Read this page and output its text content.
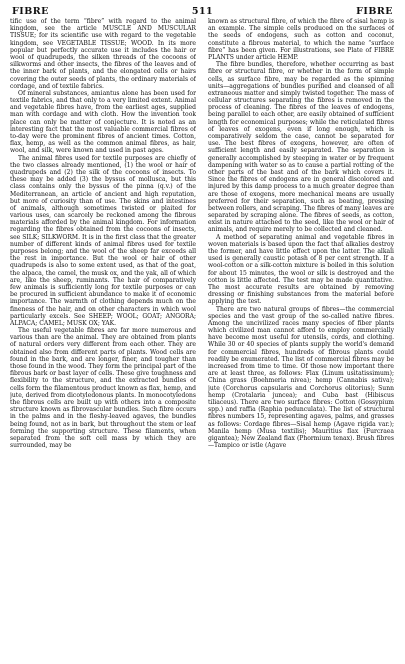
FIBRE	511	FIBRE

tific use of the term “fibre” with regard to the animal kingdom, see the article MUSCLE AND MUSCULAR TISSUE; for its scientific use with regard to the vegetable kingdom, see VEGETABLE TISSUE; WOOD. In its more popular but perfectly accurate use it includes the hair or wool of quadrupeds, the silken threads of the cocoons of silkworms and other insects, the fibres of the leaves and of the inner bark of plants, and the elongated cells or hairs covering the outer seeds of plants, the ordinary materials of cordage, and of textile fabrics.

Of mineral substances, amiantus alone has been used for textile fabrics, and that only to a very limited extent. Animal and vegetable fibres have, from the earliest ages, supplied man with cordage and with cloth. How the invention took place can only be matter of conjecture. It is noted as an interesting fact that the most valuable commercial fibres of to-day were the prominent fibres of ancient times. Cotton, flax, hemp, as well as the common animal fibres, as hair, wool, and silk, were known and used in past ages.

The animal fibres used for textile purposes are chiefly of the two classes already mentioned, (1) the wool or hair of quadrupeds and (2) the silk of the cocoons of insects. To these may be added (3) the byssus of mollusca, but this class contains only the byssus of the pinna (q.v.) of the Mediterranean, an article of ancient and high reputation, but more of curiosity than of use. The skins and intestines of animals, although sometimes twisted or plaited for various uses, can scarcely be reckoned among the fibrous materials afforded by the animal kingdom. For information regarding the fibres obtained from the cocoons of insects, see SILK; SILKWORM. It is in the first class that the greater number of different kinds of animal fibres used for textile purposes belong; and the wool of the sheep far exceeds all the rest in importance. But the wool or hair of other quadrupeds is also to some extent used, as that of the goat, the alpaca, the camel, the musk ox, and the yak, all of which are, like the sheep, ruminants. The hair of comparatively few animals is sufficiently long for textile purposes or can be procured in sufficient abundance to make it of economic importance. The warmth of clothing depends much on the fineness of the hair, and on other characters in which wool particularly excels. See SHEEP; WOOL; GOAT; ANGORA; ALPACA; CAMEL; MUSK OX; YAK.

The useful vegetable fibres are far more numerous and various than are the animal. They are obtained from plants of natural orders very different from each other. They are obtained also from different parts of plants. Wood cells are found in the bark, and are longer, finer, and tougher than those found in the wood. They form the principal part of the fibrous bark or bast layer of cells. These give toughness and flexibility to the structure, and the extracted bundles of cells form the filamentous product known as flax, hemp, and jute, derived from dicotyledonous plants. In monocotyledons the fibrous cells are built up with others into a composite structure known as fibrovascular bundles. Such fibre occurs in the palms and in the fleshy-leaved agaves, the bundles being found, not as in bark, but throughout the stem or leaf forming the supporting structure. These filaments, when separated from the soft cell mass by which they are surrounded, may be

known as structural fibre, of which the fibre of sisal hemp is an example. The simple cells produced on the surfaces of the seeds of endogens, such as cotton and coconut, constitute a fibrous material, to which the name “surface fibre” has been given. For illustrations, see Plate of FIBRE PLANTS under article HEMP.

The fibre bundles, therefore, whether occurring as bast fibre or structural fibre, or whether in the form of simple cells, as surface fibre, may be regarded as the spinning units—aggregations of bundles purified and cleansed of all extraneous matter and simply twisted together. The mass of cellular structures separating the fibres is removed in the process of cleaning. The fibres of the leaves of endogens, being parallel to each other, are easily obtained of sufficient length for economical purposes; while the reticulated fibres of leaves of exogens, even if long enough, which is comparatively seldom the case, cannot be separated for use. The best fibres of exogens, however, are often of sufficient length and easily separated. The separation is generally accomplished by steeping in water or by frequent dampening with water so as to cause a partial rotting of the other parts of the bast and of the bark which covers it. Since the fibres of endogens are in general discolored and injured by this damp process to a much greater degree than are those of exogens, more mechanical means are usually preferred for their separation, such as beating, pressing between rollers, and scraping. The fibres of many leaves are separated by scraping alone. The fibres of seeds, as cotton, exist in nature attached to the seed, like the wool or hair of animals, and require merely to be collected and cleaned.

A method of separating animal and vegetable fibres in woven materials is based upon the fact that alkalies destroy the former, and have little effect upon the latter. The alkali used is generally caustic potash of 8 per cent strength. If a wool-cotton or a silk-cotton mixture is boiled in this solution for about 15 minutes, the wool or silk is destroyed and the cotton is little affected. The test may be made quantitative. The most accurate results are obtained by removing dressing or finishing substances from the material before applying the test.

There are two natural groups of fibres—the commercial species and the vast group of the so-called native fibres. Among the uncivilized races many species of fiber plants which civilized man cannot afford to employ commercially have become most useful for utensils, cords, and clothing. While 30 or 40 species of plants supply the world's demand for commercial fibres, hundreds of fibrous plants could readily be enumerated. The list of commercial fibres may be increased from time to time. Of those now important there are at least three, as follows: Flax (Linum usitatissimum); China grass (Boehmeria nivea); hemp (Cannabis sativa); jute (Corchorus capsularis and Corchorus olitorius); Sunn hemp (Crotalaria juncea); and Cuba bast (Hibiscus tiliaceus). There are two surface fibres: Cotton (Gossypium spp.) and raffia (Raphia pedunculata). The list of structural fibres numbers 15, representing agaves, palms, and grasses as follows: Cordage fibres—Sisal hemp (Agave rigida var.); Manila hemp (Musa textilis); Mauritius flax (Furcraea gigantea); New Zealand flax (Phormium tenax). Brush fibres—Tampico or istle (Agave
